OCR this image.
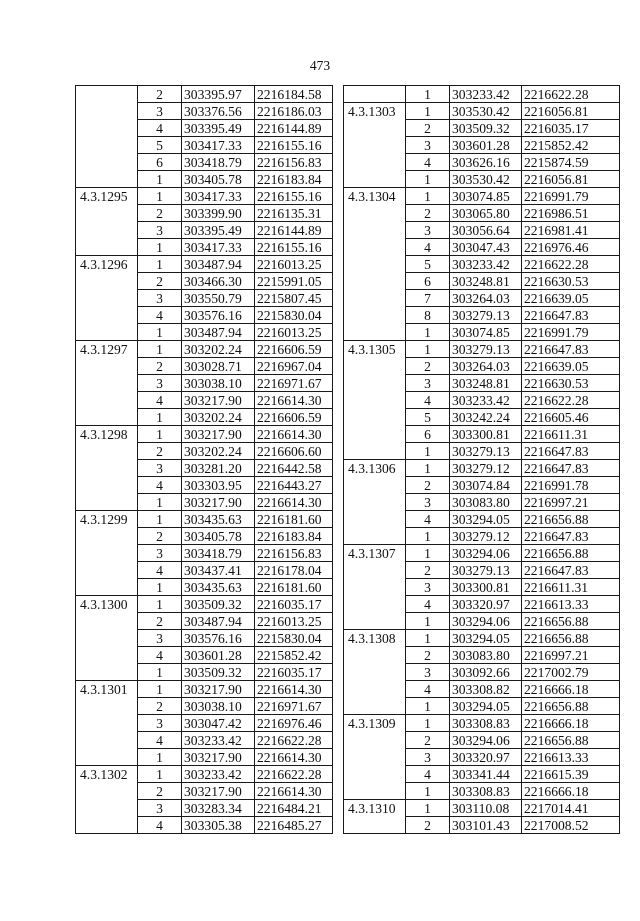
473
	2	303395.97	2216184.58
	3	303376.56	2216186.03
	4	303395.49	2216144.89
	5	303417.33	2216155.16
	6	303418.79	2216156.83
	1	303405.78	2216183.84
4.3.1295	1	303417.33	2216155.16
	2	303399.90	2216135.31
	3	303395.49	2216144.89
	1	303417.33	2216155.16
4.3.1296	1	303487.94	2216013.25
	2	303466.30	2215991.05
	3	303550.79	2215807.45
	4	303576.16	2215830.04
	1	303487.94	2216013.25
4.3.1297	1	303202.24	2216606.59
	2	303028.71	2216967.04
	3	303038.10	2216971.67
	4	303217.90	2216614.30
	1	303202.24	2216606.59
4.3.1298	1	303217.90	2216614.30
	2	303202.24	2216606.60
	3	303281.20	2216442.58
	4	303303.95	2216443.27
	1	303217.90	2216614.30
4.3.1299	1	303435.63	2216181.60
	2	303405.78	2216183.84
	3	303418.79	2216156.83
	4	303437.41	2216178.04
	1	303435.63	2216181.60
4.3.1300	1	303509.32	2216035.17
	2	303487.94	2216013.25
	3	303576.16	2215830.04
	4	303601.28	2215852.42
	1	303509.32	2216035.17
4.3.1301	1	303217.90	2216614.30
	2	303038.10	2216971.67
	3	303047.42	2216976.46
	4	303233.42	2216622.28
	1	303217.90	2216614.30
4.3.1302	1	303233.42	2216622.28
	2	303217.90	2216614.30
	3	303283.34	2216484.21
	4	303305.38	2216485.27
	1	303233.42	2216622.28
4.3.1303	1	303530.42	2216056.81
	2	303509.32	2216035.17
	3	303601.28	2215852.42
	4	303626.16	2215874.59
	1	303530.42	2216056.81
4.3.1304	1	303074.85	2216991.79
	2	303065.80	2216986.51
	3	303056.64	2216981.41
	4	303047.43	2216976.46
	5	303233.42	2216622.28
	6	303248.81	2216630.53
	7	303264.03	2216639.05
	8	303279.13	2216647.83
	1	303074.85	2216991.79
4.3.1305	1	303279.13	2216647.83
	2	303264.03	2216639.05
	3	303248.81	2216630.53
	4	303233.42	2216622.28
	5	303242.24	2216605.46
	6	303300.81	2216611.31
	1	303279.13	2216647.83
4.3.1306	1	303279.12	2216647.83
	2	303074.84	2216991.78
	3	303083.80	2216997.21
	4	303294.05	2216656.88
	1	303279.12	2216647.83
4.3.1307	1	303294.06	2216656.88
	2	303279.13	2216647.83
	3	303300.81	2216611.31
	4	303320.97	2216613.33
	1	303294.06	2216656.88
4.3.1308	1	303294.05	2216656.88
	2	303083.80	2216997.21
	3	303092.66	2217002.79
	4	303308.82	2216666.18
	1	303294.05	2216656.88
4.3.1309	1	303308.83	2216666.18
	2	303294.06	2216656.88
	3	303320.97	2216613.33
	4	303341.44	2216615.39
	1	303308.83	2216666.18
4.3.1310	1	303110.08	2217014.41
	2	303101.43	2217008.52
